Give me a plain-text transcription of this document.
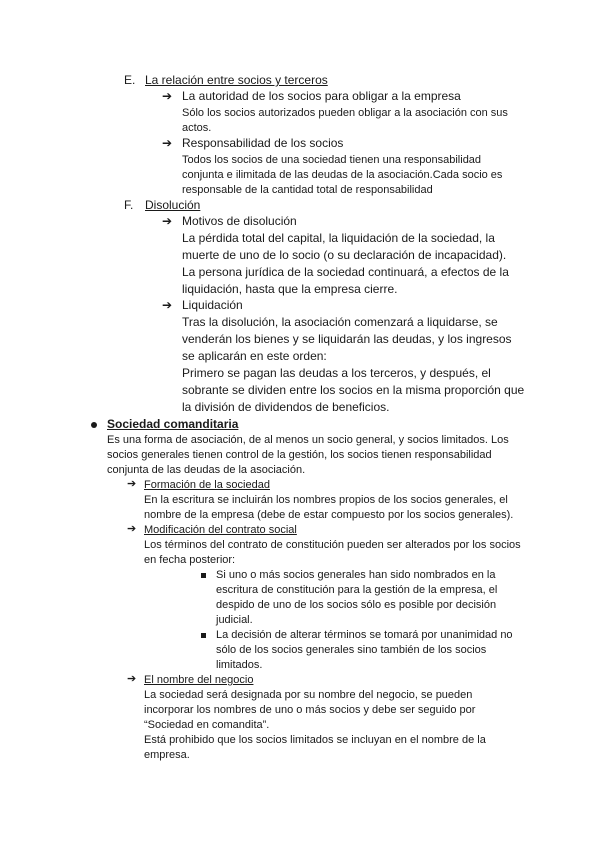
E. La relación entre socios y terceros
➔ La autoridad de los socios para obligar a la empresa
Sólo los socios autorizados pueden obligar a la asociación con sus
actos.
➔ Responsabilidad de los socios
Todos los socios de una sociedad tienen una responsabilidad
conjunta e ilimitada de las deudas de la asociación.Cada socio es
responsable de la cantidad total de responsabilidad
F. Disolución
➔ Motivos de disolución
La pérdida total del capital, la liquidación de la sociedad, la
muerte de uno de lo socio (o su declaración de incapacidad).
La persona jurídica de la sociedad continuará, a efectos de la
liquidación, hasta que la empresa cierre.
➔ Liquidación
Tras la disolución, la asociación comenzará a liquidarse, se
venderán los bienes y se liquidarán las deudas, y los ingresos
se aplicarán en este orden:
Primero se pagan las deudas a los terceros, y después, el
sobrante se dividen entre los socios en la misma proporción que
la división de dividendos de beneficios.
Sociedad comanditaria
Es una forma de asociación, de al menos un socio general, y socios limitados. Los
socios generales tienen control de la gestión, los socios tienen responsabilidad
conjunta de las deudas de la asociación.
➔ Formación de la sociedad
En la escritura se incluirán los nombres propios de los socios generales, el
nombre de la empresa (debe de estar compuesto por los socios generales).
➔ Modificación del contrato social
Los términos del contrato de constitución pueden ser alterados por los socios
en fecha posterior:
Si uno o más socios generales han sido nombrados en la
escritura de constitución para la gestión de la empresa, el
despido de uno de los socios sólo es posible por decisión
judicial.
La decisión de alterar términos se tomará por unanimidad no
sólo de los socios generales sino también de los socios
limitados.
➔ El nombre del negocio
La sociedad será designada por su nombre del negocio, se pueden
incorporar los nombres de uno o más socios y debe ser seguido por
“Sociedad en comandita”.
Está prohibido que los socios limitados se incluyan en el nombre de la
empresa.
